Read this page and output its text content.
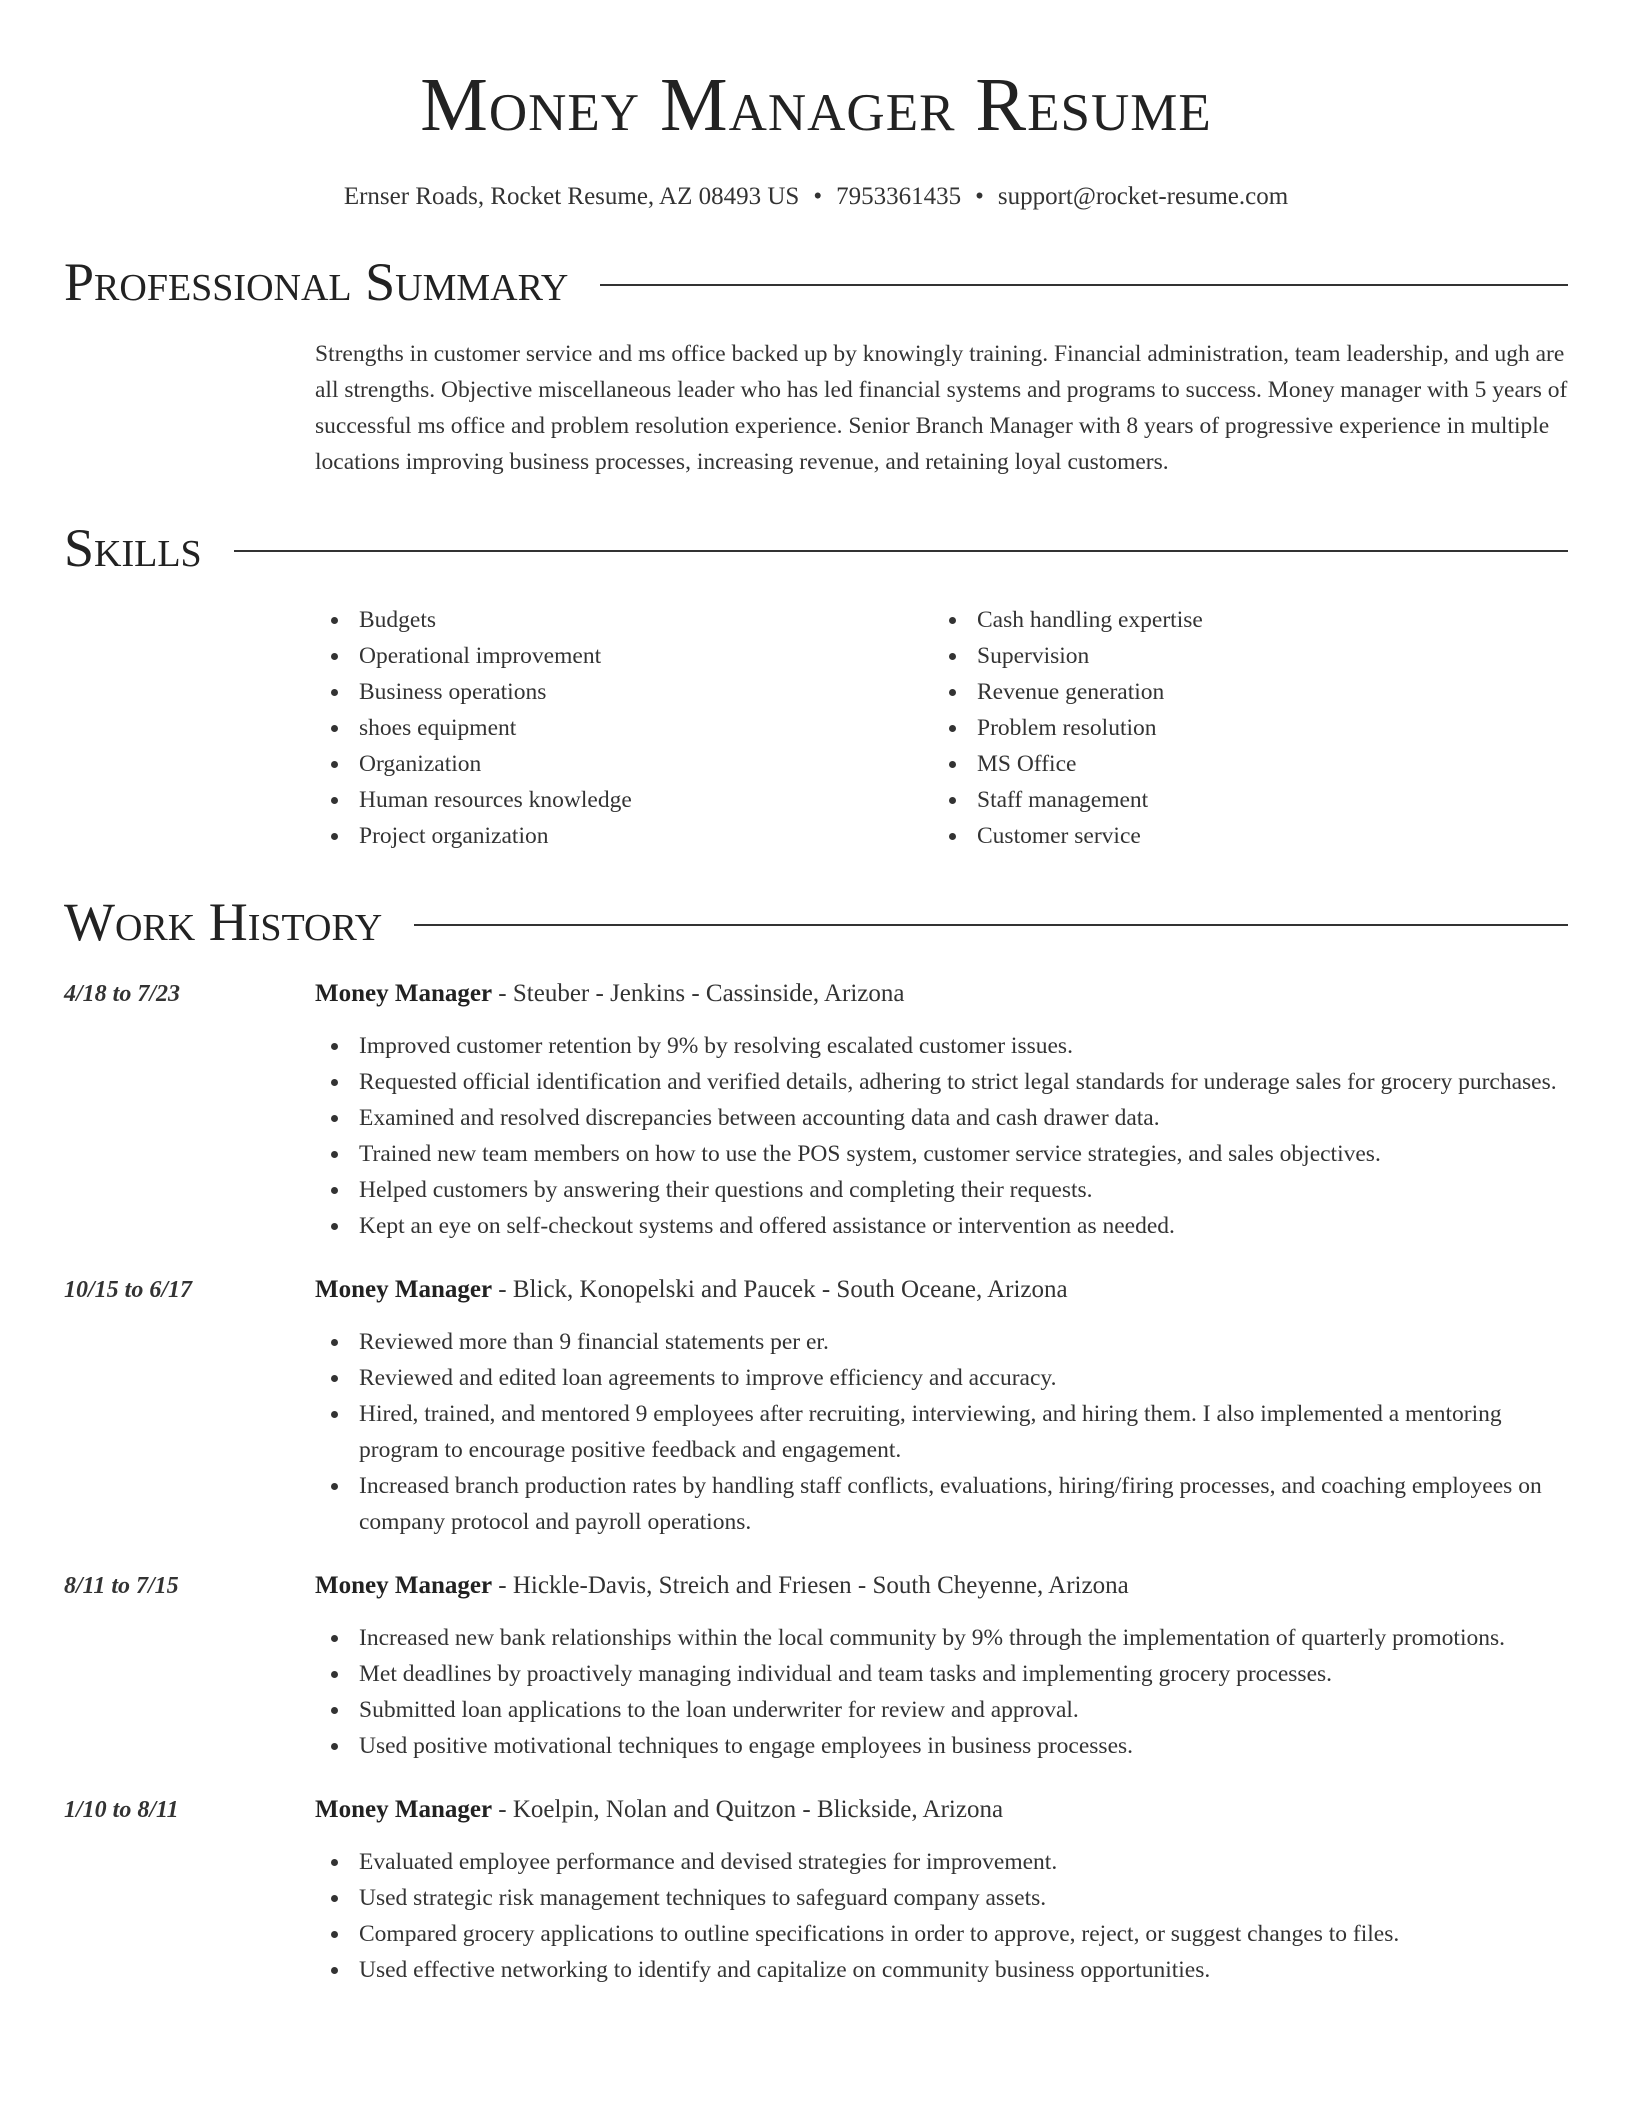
Money Manager Resume
Ernser Roads, Rocket Resume, AZ 08493 US • 7953361435 • support@rocket-resume.com
Professional Summary

Strengths in customer service and ms office backed up by knowingly training. Financial administration, team leadership, and ugh are all strengths. Objective miscellaneous leader who has led financial systems and programs to success. Money manager with 5 years of successful ms office and problem resolution experience. Senior Branch Manager with 8 years of progressive experience in multiple locations improving business processes, increasing revenue, and retaining loyal customers.

Skills
Budgets
Operational improvement
Business operations
shoes equipment
Organization
Human resources knowledge
Project organization
Cash handling expertise
Supervision
Revenue generation
Problem resolution
MS Office
Staff management
Customer service
Work History
4/18 to 7/23	Money Manager - Steuber - Jenkins - Cassinside, Arizona
Improved customer retention by 9% by resolving escalated customer issues.
Requested official identification and verified details, adhering to strict legal standards for underage sales for grocery purchases.
Examined and resolved discrepancies between accounting data and cash drawer data.
Trained new team members on how to use the POS system, customer service strategies, and sales objectives.
Helped customers by answering their questions and completing their requests.
Kept an eye on self-checkout systems and offered assistance or intervention as needed.
10/15 to 6/17	Money Manager - Blick, Konopelski and Paucek - South Oceane, Arizona
Reviewed more than 9 financial statements per er.
Reviewed and edited loan agreements to improve efficiency and accuracy.
Hired, trained, and mentored 9 employees after recruiting, interviewing, and hiring them. I also implemented a mentoring program to encourage positive feedback and engagement.
Increased branch production rates by handling staff conflicts, evaluations, hiring/firing processes, and coaching employees on company protocol and payroll operations.
8/11 to 7/15	Money Manager - Hickle-Davis, Streich and Friesen - South Cheyenne, Arizona
Increased new bank relationships within the local community by 9% through the implementation of quarterly promotions.
Met deadlines by proactively managing individual and team tasks and implementing grocery processes.
Submitted loan applications to the loan underwriter for review and approval.
Used positive motivational techniques to engage employees in business processes.
1/10 to 8/11	Money Manager - Koelpin, Nolan and Quitzon - Blickside, Arizona
Evaluated employee performance and devised strategies for improvement.
Used strategic risk management techniques to safeguard company assets.
Compared grocery applications to outline specifications in order to approve, reject, or suggest changes to files.
Used effective networking to identify and capitalize on community business opportunities.
